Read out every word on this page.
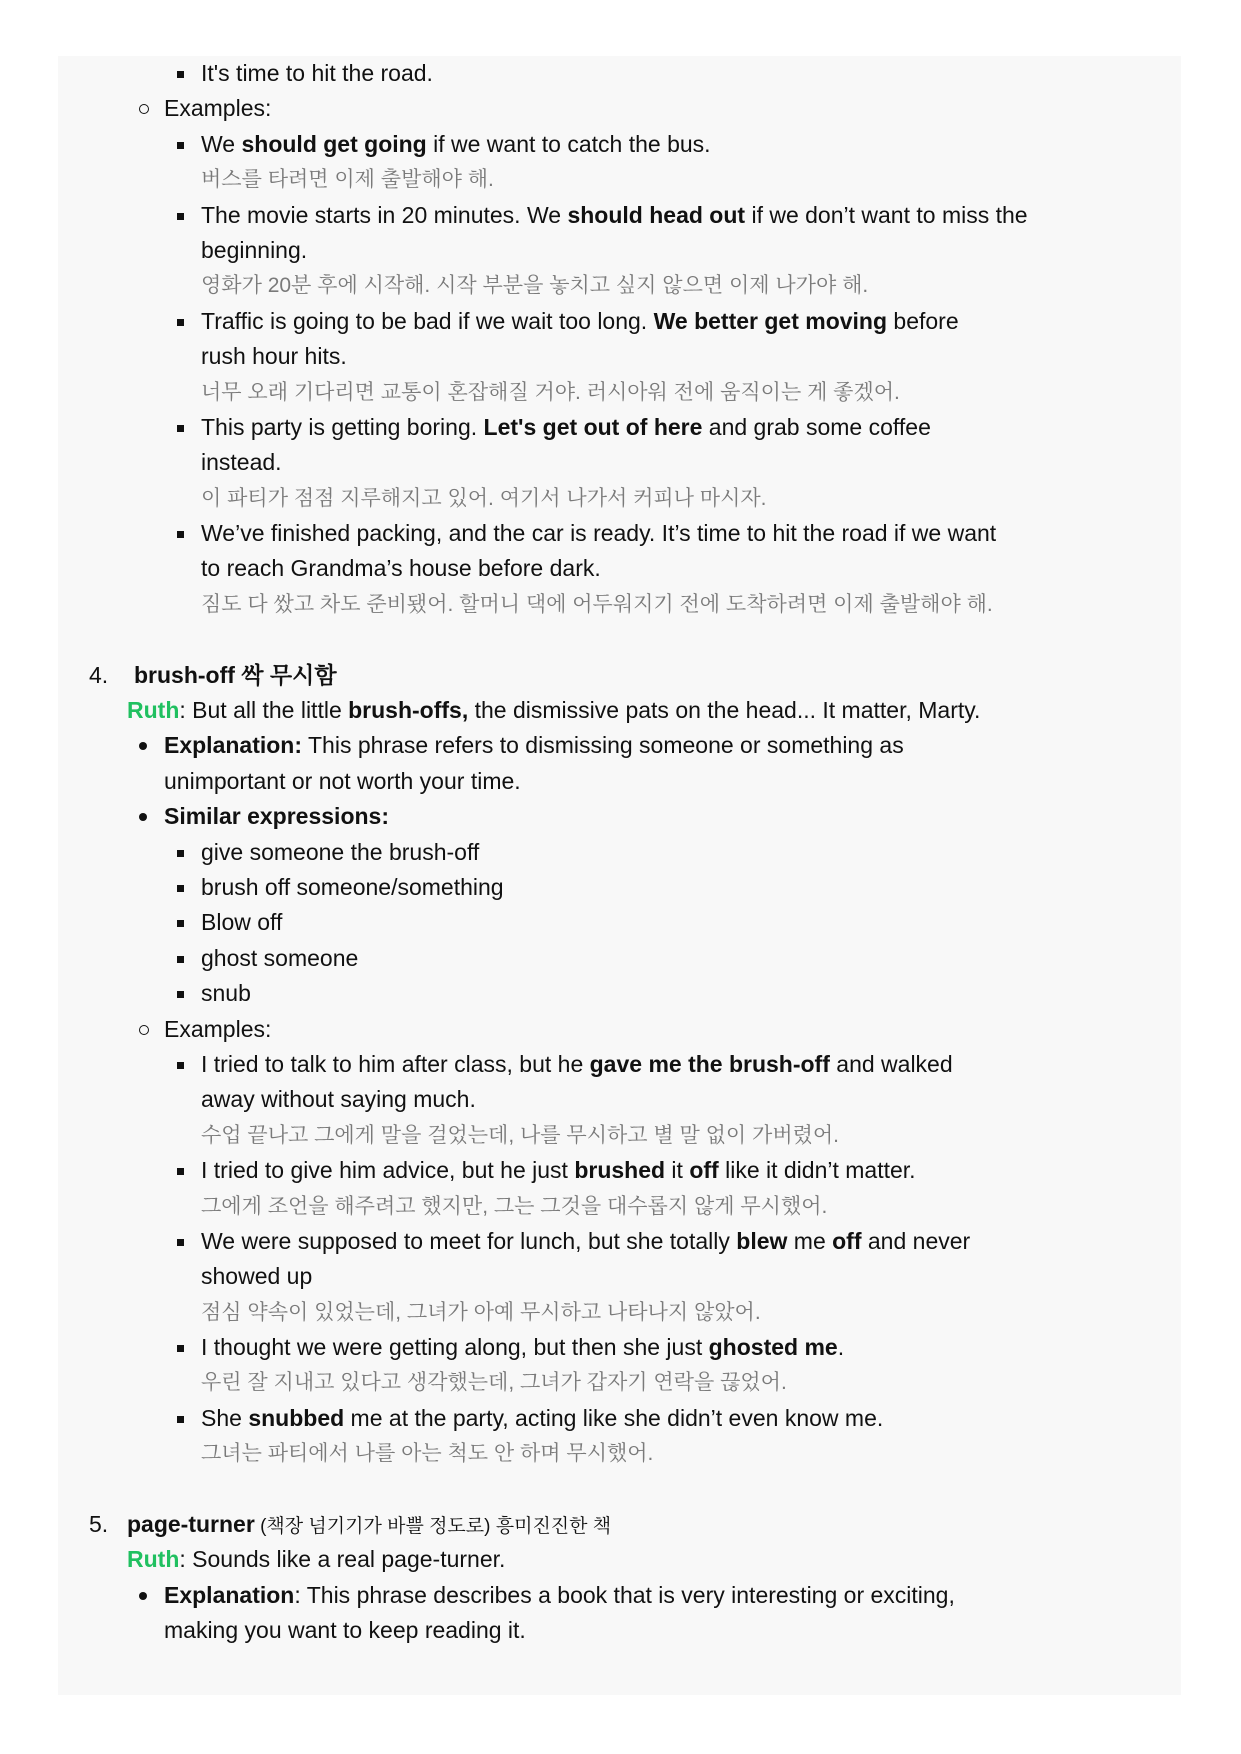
It's time to hit the road.
Examples:
We should get going if we want to catch the bus.
버스를 타려면 이제 출발해야 해.
The movie starts in 20 minutes. We should head out if we don’t want to miss the
beginning.
영화가 20분 후에 시작해. 시작 부분을 놓치고 싶지 않으면 이제 나가야 해.
Traffic is going to be bad if we wait too long. We better get moving before
rush hour hits.
너무 오래 기다리면 교통이 혼잡해질 거야. 러시아워 전에 움직이는 게 좋겠어.
This party is getting boring. Let's get out of here and grab some coffee
instead.
이 파티가 점점 지루해지고 있어. 여기서 나가서 커피나 마시자.
We’ve finished packing, and the car is ready. It’s time to hit the road if we want
to reach Grandma’s house before dark.
짐도 다 쌌고 차도 준비됐어. 할머니 댁에 어두워지기 전에 도착하려면 이제 출발해야 해.
4. brush-off 싹 무시함
Ruth: But all the little brush-offs, the dismissive pats on the head... It matter, Marty.
Explanation: This phrase refers to dismissing someone or something as
unimportant or not worth your time.
Similar expressions:
give someone the brush-off
brush off someone/something
Blow off
ghost someone
snub
Examples:
I tried to talk to him after class, but he gave me the brush-off and walked
away without saying much.
수업 끝나고 그에게 말을 걸었는데, 나를 무시하고 별 말 없이 가버렸어.
I tried to give him advice, but he just brushed it off like it didn’t matter.
그에게 조언을 해주려고 했지만, 그는 그것을 대수롭지 않게 무시했어.
We were supposed to meet for lunch, but she totally blew me off and never
showed up
점심 약속이 있었는데, 그녀가 아예 무시하고 나타나지 않았어.
I thought we were getting along, but then she just ghosted me.
우린 잘 지내고 있다고 생각했는데, 그녀가 갑자기 연락을 끊었어.
She snubbed me at the party, acting like she didn’t even know me.
그녀는 파티에서 나를 아는 척도 안 하며 무시했어.
5. page-turner (책장 넘기기가 바쁠 정도로) 흥미진진한 책
Ruth: Sounds like a real page-turner.
Explanation: This phrase describes a book that is very interesting or exciting,
making you want to keep reading it.
